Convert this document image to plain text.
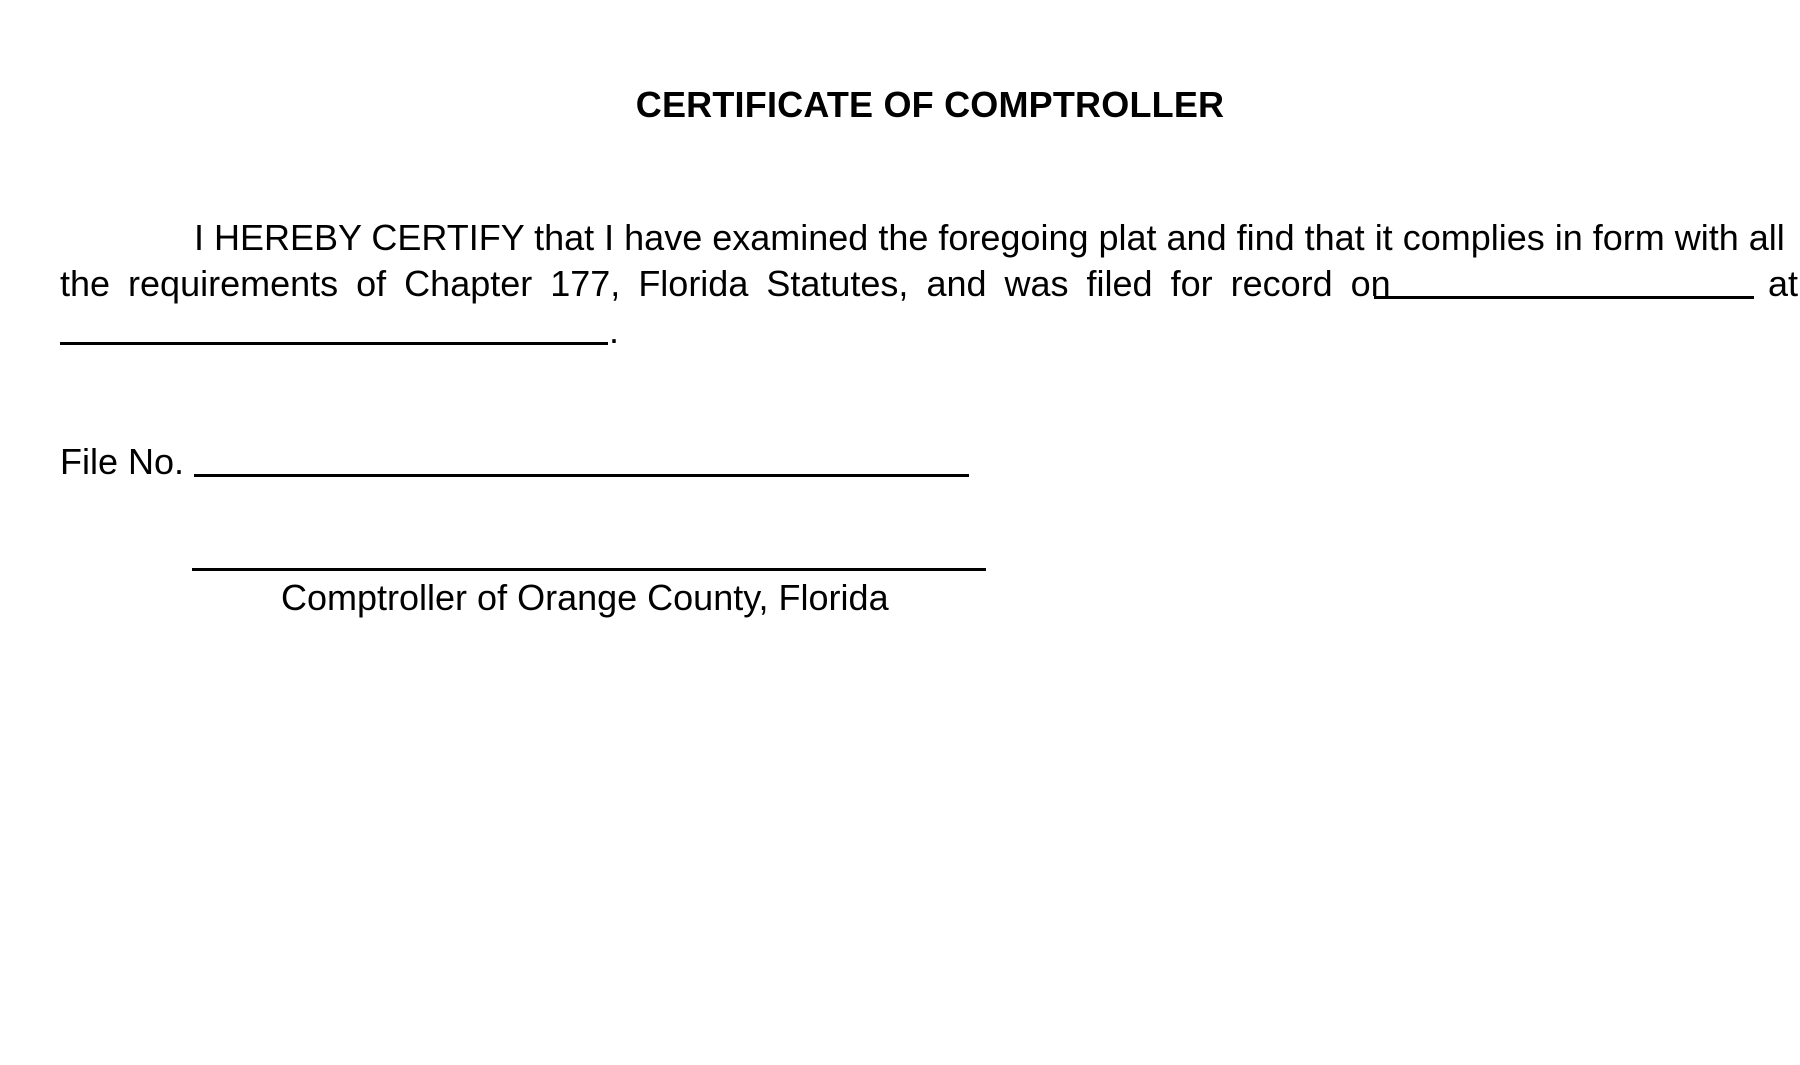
CERTIFICATE OF COMPTROLLER
I HEREBY CERTIFY that I have examined the foregoing plat and find that it complies in form with all
the requirements of Chapter 177, Florida Statutes, and was filed for record on	at
.
File No.
Comptroller of Orange County, Florida
